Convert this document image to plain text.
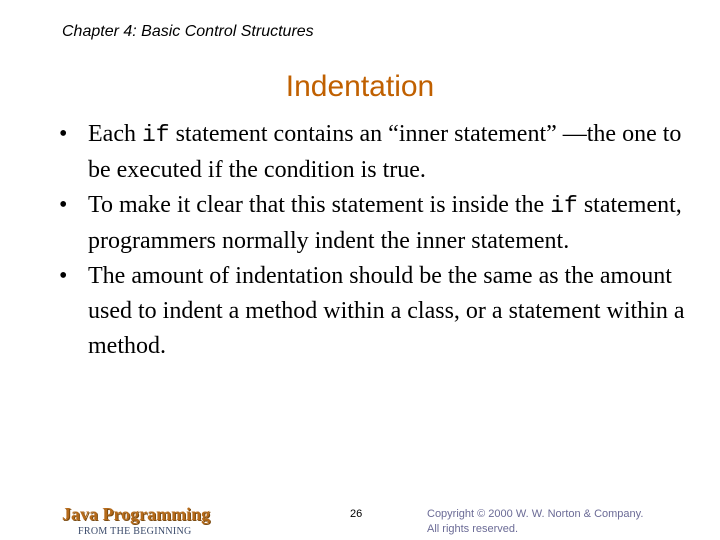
Chapter 4: Basic Control Structures
Indentation
• Each if statement contains an “inner statement” —the one to be executed if the condition is true.
• To make it clear that this statement is inside the if statement, programmers normally indent the inner statement.
• The amount of indentation should be the same as the amount used to indent a method within a class, or a statement within a method.
Java Programming
FROM THE BEGINNING
26	Copyright © 2000 W. W. Norton & Company.
All rights reserved.
